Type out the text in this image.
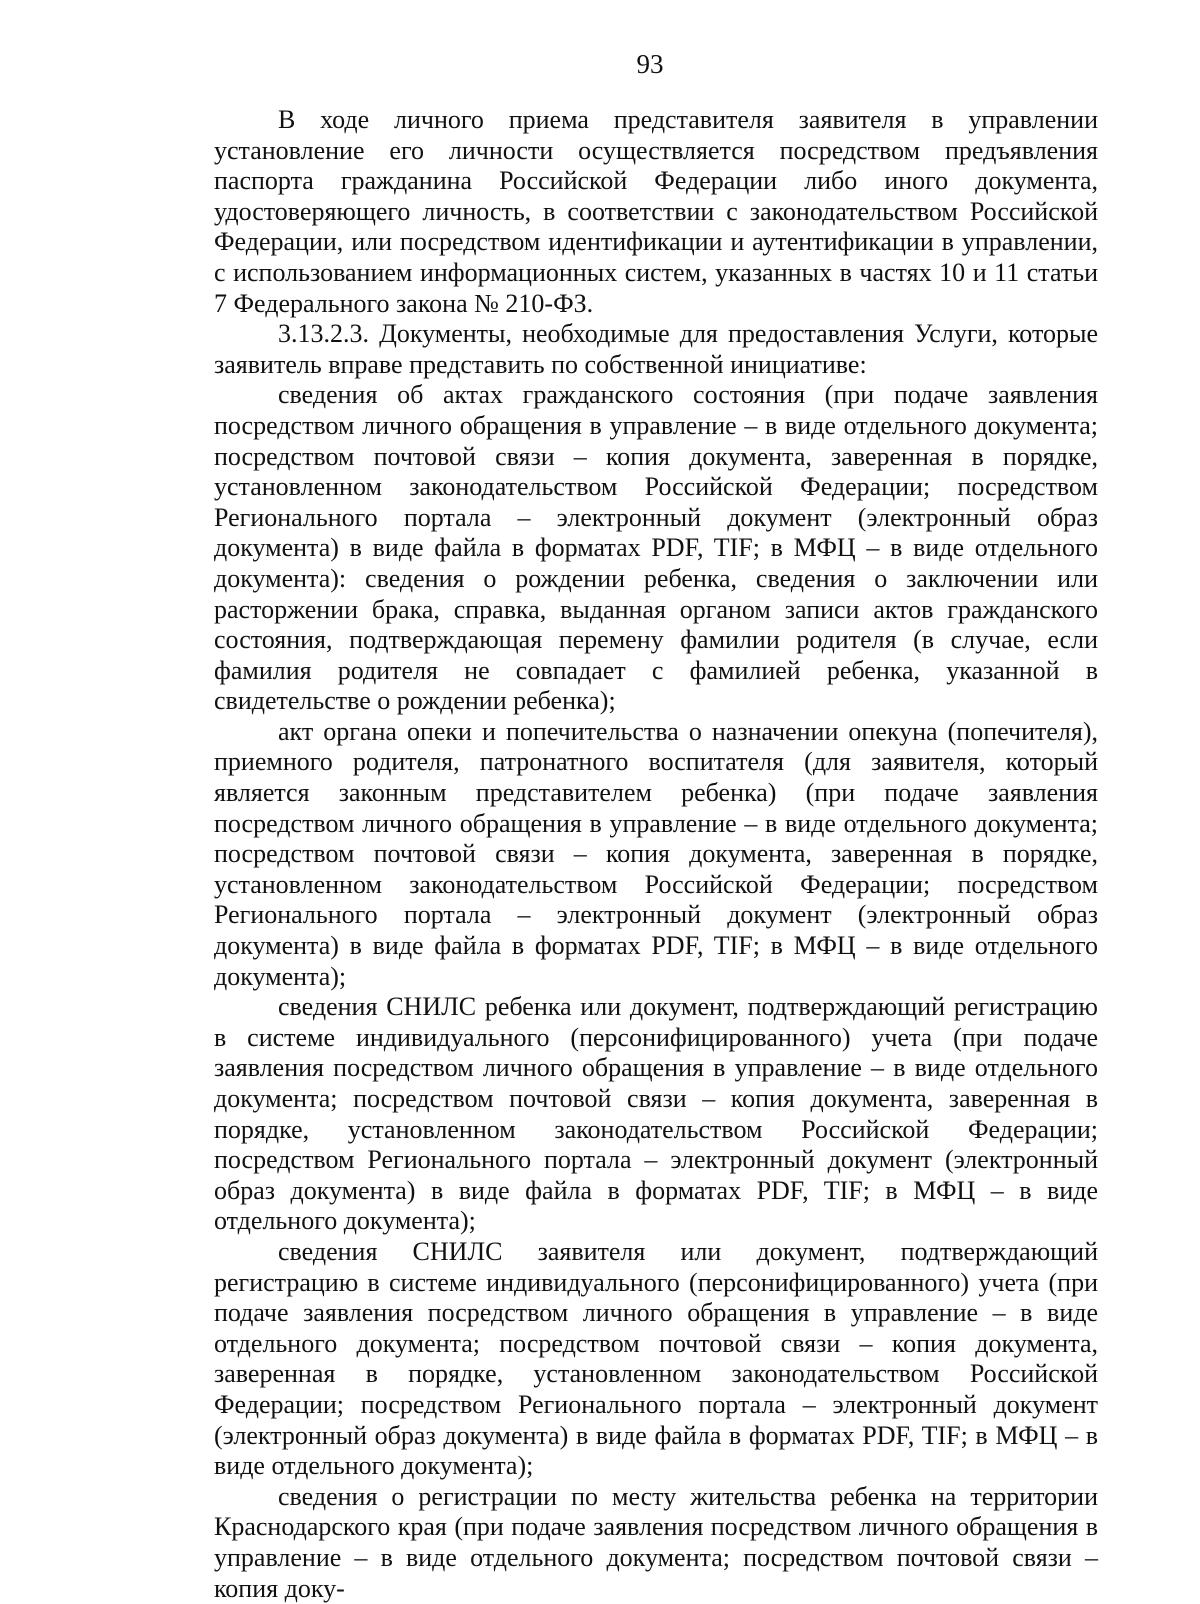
93

В ходе личного приема представителя заявителя в управлении установление его личности осуществляется посредством предъявления паспорта гражданина Российской Федерации либо иного документа, удостоверяющего личность, в соответствии с законодательством Российской Федерации, или посредством идентификации и аутентификации в управлении, с использованием информационных систем, указанных в частях 10 и 11 статьи 7 Федерального закона № 210-ФЗ.

3.13.2.3. Документы, необходимые для предоставления Услуги, которые заявитель вправе представить по собственной инициативе:

сведения об актах гражданского состояния (при подаче заявления посредством личного обращения в управление – в виде отдельного документа; посредством почтовой связи – копия документа, заверенная в порядке, установленном законодательством Российской Федерации; посредством Регионального портала – электронный документ (электронный образ документа) в виде файла в форматах PDF, TIF; в МФЦ – в виде отдельного документа): сведения о рождении ребенка, сведения о заключении или расторжении брака, справка, выданная органом записи актов гражданского состояния, подтверждающая перемену фамилии родителя (в случае, если фамилия родителя не совпадает с фамилией ребенка, указанной в свидетельстве о рождении ребенка);

акт органа опеки и попечительства о назначении опекуна (попечителя), приемного родителя, патронатного воспитателя (для заявителя, который является законным представителем ребенка) (при подаче заявления посредством личного обращения в управление – в виде отдельного документа; посредством почтовой связи – копия документа, заверенная в порядке, установленном законодательством Российской Федерации; посредством Регионального портала – электронный документ (электронный образ документа) в виде файла в форматах PDF, TIF; в МФЦ – в виде отдельного документа);

сведения СНИЛС ребенка или документ, подтверждающий регистрацию в системе индивидуального (персонифицированного) учета (при подаче заявления посредством личного обращения в управление – в виде отдельного документа; посредством почтовой связи – копия документа, заверенная в порядке, установленном законодательством Российской Федерации; посредством Регионального портала – электронный документ (электронный образ документа) в виде файла в форматах PDF, TIF; в МФЦ – в виде отдельного документа);

сведения СНИЛС заявителя или документ, подтверждающий регистрацию в системе индивидуального (персонифицированного) учета (при подаче заявления посредством личного обращения в управление – в виде отдельного документа; посредством почтовой связи – копия документа, заверенная в порядке, установленном законодательством Российской Федерации; посредством Регионального портала – электронный документ (электронный образ документа) в виде файла в форматах PDF, TIF; в МФЦ – в виде отдельного документа);

сведения о регистрации по месту жительства ребенка на территории Краснодарского края (при подаче заявления посредством личного обращения в управление – в виде отдельного документа; посредством почтовой связи – копия доку-
